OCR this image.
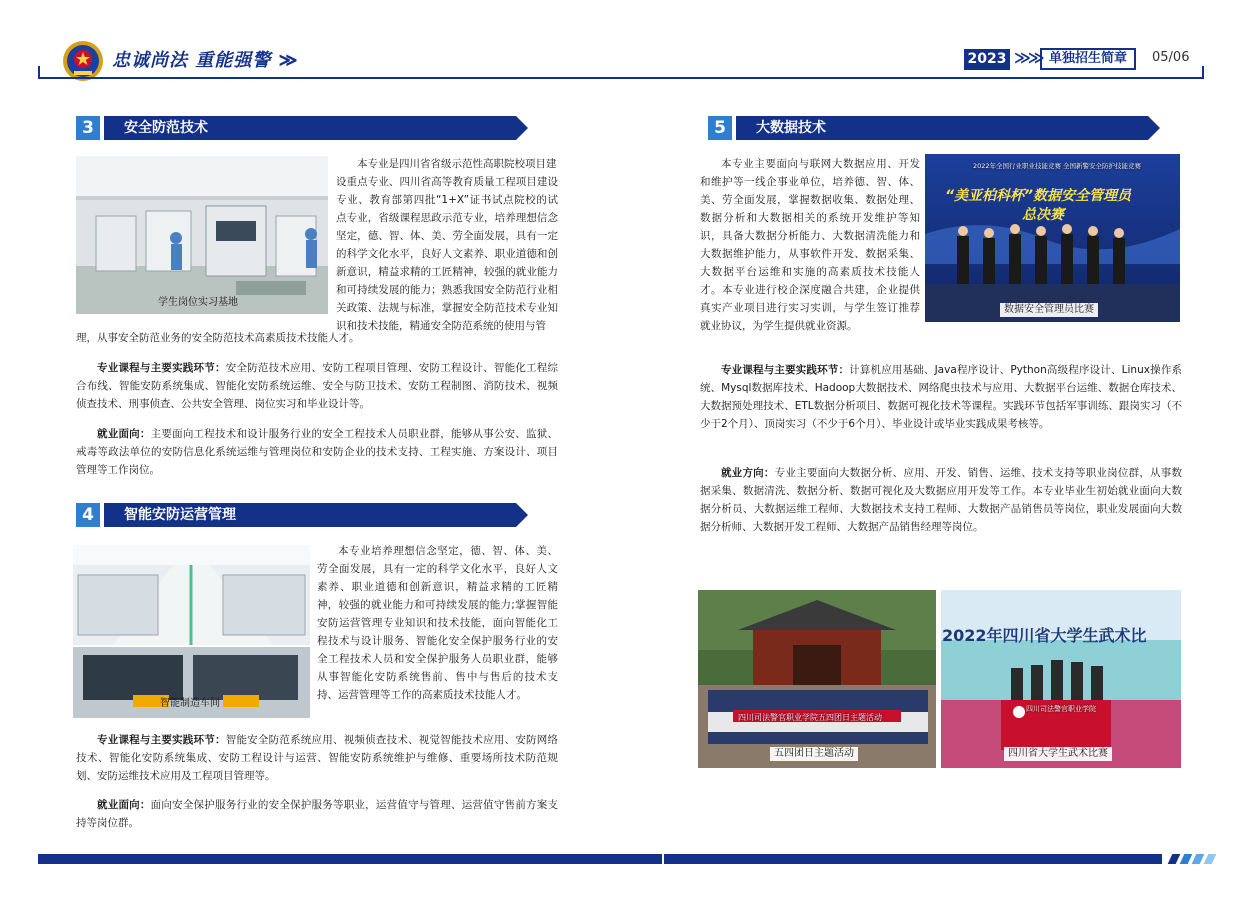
忠诚尚法 重能强警 ≫	2023 ≫≫ 单独招生简章	05/06
3	安全防范技术
学生岗位实习基地
本专业是四川省省级示范性高职院校项目建
设重点专业、四川省高等教育质量工程项目建设专业、教育部第四批“1+X”证书试点院校的试点专业，省级课程思政示范专业，培养理想信念坚定，德、智、体、美、劳全面发展，具有一定的科学文化水平，良好人文素养、职业道德和创新意识，精益求精的工匠精神，较强的就业能力和可持续发展的能力；熟悉我国安全防范行业相关政策、法规与标准，掌握安全防范技术专业知识和技术技能，精通安全防范系统的使用与管
理，从事安全防范业务的安全防范技术高素质技术技能人才。
专业课程与主要实践环节：安全防范技术应用、安防工程项目管理、安防工程设计、智能化工程综合布线、智能安防系统集成、智能化安防系统运维、安全与防卫技术、安防工程制图、消防技术、视频侦查技术、刑事侦查、公共安全管理、岗位实习和毕业设计等。
就业面向：主要面向工程技术和设计服务行业的安全工程技术人员职业群，能够从事公安、监狱、戒毒等政法单位的安防信息化系统运维与管理岗位和安防企业的技术支持、工程实施、方案设计、项目管理等工作岗位。
4	智能安防运营管理
智能制造车间
本专业培养理想信念坚定，德、智、体、美、劳全面发展，具有一定的科学文化水平，良好人文素养、职业道德和创新意识，精益求精的工匠精神，较强的就业能力和可持续发展的能力;掌握智能安防运营管理专业知识和技术技能，面向智能化工程技术与设计服务、智能化安全保护服务行业的安全工程技术人员和安全保护服务人员职业群，能够从事智能化安防系统售前、售中与售后的技术支持、运营管理等工作的高素质技术技能人才。
专业课程与主要实践环节：智能安全防范系统应用、视频侦查技术、视觉智能技术应用、安防网络技术、智能化安防系统集成、安防工程设计与运营、智能安防系统维护与维修、重要场所技术防范规划、安防运维技术应用及工程项目管理等。
就业面向：面向安全保护服务行业的安全保护服务等职业，运营值守与管理、运营值守售前方案支持等岗位群。
5	大数据技术
本专业主要面向与联网大数据应用、开发和维护等一线企事业单位，培养德、智、体、美、劳全面发展，掌握数据收集、数据处理、数据分析和大数据相关的系统开发维护等知识，具备大数据分析能力、大数据清洗能力和大数据维护能力，从事软件开发、数据采集、大数据平台运维和实施的高素质技术技能人才。本专业进行校企深度融合共建，企业提供真实产业项目进行实习实训，与学生签订推荐就业协议，为学生提供就业资源。
2022年全国行业职业技能竞赛 全国新警安全防护技能竞赛
“美亚柏科杯”数据安全管理员
总决赛
数据安全管理员比赛
专业课程与主要实践环节：计算机应用基础、Java程序设计、Python高级程序设计、Linux操作系统、Mysql数据库技术、Hadoop大数据技术、网络爬虫技术与应用、大数据平台运维、数据仓库技术、大数据预处理技术、ETL数据分析项目、数据可视化技术等课程。实践环节包括军事训练、跟岗实习（不少于2个月）、顶岗实习（不少于6个月）、毕业设计或毕业实践成果考核等。
就业方向：专业主要面向大数据分析、应用、开发、销售、运维、技术支持等职业岗位群，从事数据采集、数据清洗、数据分析、数据可视化及大数据应用开发等工作。本专业毕业生初始就业面向大数据分析员、大数据运维工程师、大数据技术支持工程师、大数据产品销售员等岗位，职业发展面向大数据分析师、大数据开发工程师、大数据产品销售经理等岗位。
四川司法警官职业学院五四团日主题活动
五四团日主题活动
2022年四川省大学生武术比
四川司法警官职业学院
四川省大学生武术比赛
